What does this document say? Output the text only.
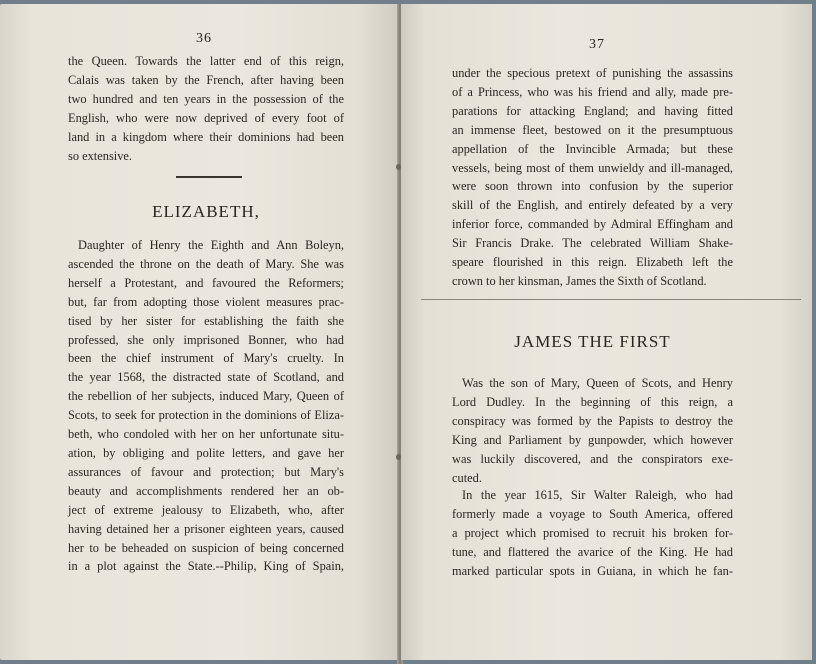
36
the Queen. Towards the latter end of this reign,
Calais was taken by the French, after having been
two hundred and ten years in the possession of the
English, who were now deprived of every foot of
land in a kingdom where their dominions had been
so extensive.
ELIZABETH,
Daughter of Henry the Eighth and Ann Boleyn,
ascended the throne on the death of Mary. She was
herself a Protestant, and favoured the Reformers;
but, far from adopting those violent measures prac-
tised by her sister for establishing the faith she
professed, she only imprisoned Bonner, who had
been the chief instrument of Mary's cruelty. In
the year 1568, the distracted state of Scotland, and
the rebellion of her subjects, induced Mary, Queen of
Scots, to seek for protection in the dominions of Eliza-
beth, who condoled with her on her unfortunate situ-
ation, by obliging and polite letters, and gave her
assurances of favour and protection; but Mary's
beauty and accomplishments rendered her an ob-
ject of extreme jealousy to Elizabeth, who, after
having detained her a prisoner eighteen years, caused
her to be beheaded on suspicion of being concerned
in a plot against the State.--Philip, King of Spain,
37
under the specious pretext of punishing the assassins
of a Princess, who was his friend and ally, made pre-
parations for attacking England; and having fitted
an immense fleet, bestowed on it the presumptuous
appellation of the Invincible Armada; but these
vessels, being most of them unwieldy and ill-managed,
were soon thrown into confusion by the superior
skill of the English, and entirely defeated by a very
inferior force, commanded by Admiral Effingham and
Sir Francis Drake. The celebrated William Shake-
speare flourished in this reign. Elizabeth left the
crown to her kinsman, James the Sixth of Scotland.
JAMES THE FIRST
Was the son of Mary, Queen of Scots, and Henry
Lord Dudley. In the beginning of this reign, a
conspiracy was formed by the Papists to destroy the
King and Parliament by gunpowder, which however
was luckily discovered, and the conspirators exe-
cuted.
In the year 1615, Sir Walter Raleigh, who had
formerly made a voyage to South America, offered
a project which promised to recruit his broken for-
tune, and flattered the avarice of the King. He had
marked particular spots in Guiana, in which he fan-
